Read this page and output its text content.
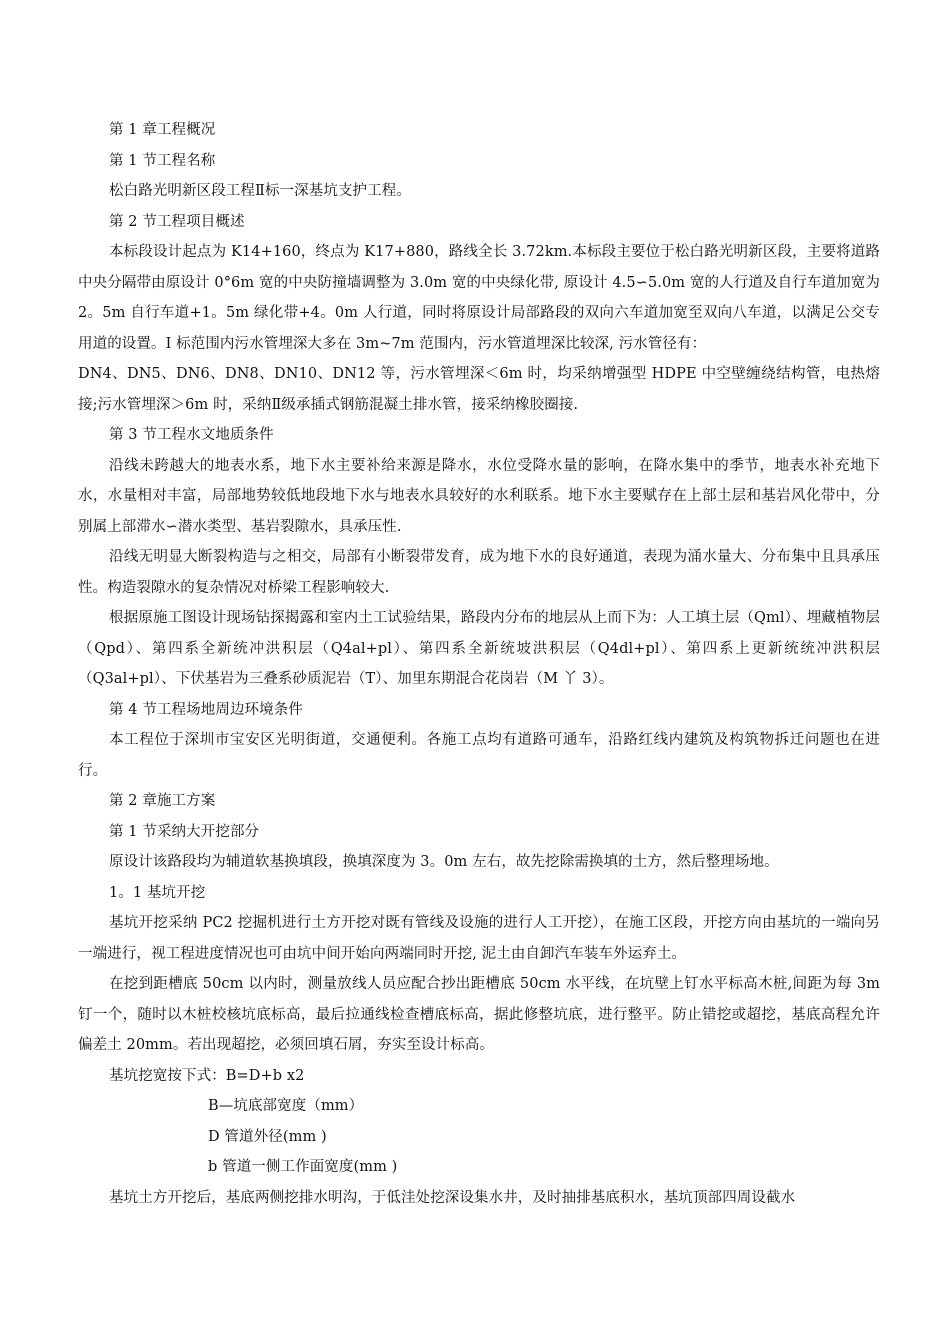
第 1 章工程概况

第 1 节工程名称

松白路光明新区段工程Ⅱ标一深基坑支护工程。

第 2 节工程项目概述

本标段设计起点为 K14+160，终点为 K17+880，路线全长 3.72km.本标段主要位于松白路光明新区段，主要将道路中央分隔带由原设计 0°6m 宽的中央防撞墙调整为 3.0m 宽的中央绿化带, 原设计 4.5∽5.0m 宽的人行道及自行车道加宽为 2。5m 自行车道+1。5m 绿化带+4。0m 人行道，同时将原设计局部路段的双向六车道加宽至双向八车道，以满足公交专用道的设置。I 标范围内污水管埋深大多在 3m~7m 范围内，污水管道埋深比较深, 污水管径有：

DN4、DN5、DN6、DN8、DN10、DN12 等，污水管埋深＜6m 时，均采纳增强型 HDPE 中空壁缠绕结构管，电热熔接;污水管埋深＞6m 时，采纳Ⅱ级承插式钢筋混凝土排水管，接采纳橡胶圈接.

第 3 节工程水文地质条件

沿线未跨越大的地表水系，地下水主要补给来源是降水，水位受降水量的影响，在降水集中的季节，地表水补充地下水，水量相对丰富，局部地势较低地段地下水与地表水具较好的水利联系。地下水主要赋存在上部土层和基岩风化带中，分别属上部滞水∽潜水类型、基岩裂隙水，具承压性.

沿线无明显大断裂构造与之相交，局部有小断裂带发育，成为地下水的良好通道，表现为涌水量大、分布集中且具承压性。构造裂隙水的复杂情况对桥梁工程影响较大.

根据原施工图设计现场钻探揭露和室内土工试验结果，路段内分布的地层从上而下为：人工填土层（Qml）、埋藏植物层（Qpd）、第四系全新统冲洪积层（Q4al+pl）、第四系全新统坡洪积层（Q4dl+pl）、第四系上更新统统冲洪积层（Q3al+pl）、下伏基岩为三叠系砂质泥岩（T）、加里东期混合花岗岩（M 丫 3）。

第 4 节工程场地周边环境条件

本工程位于深圳市宝安区光明街道，交通便利。各施工点均有道路可通车，沿路红线内建筑及构筑物拆迁问题也在进行。

第 2 章施工方案

第 1 节采纳大开挖部分

原设计该路段均为辅道软基换填段，换填深度为 3。0m 左右，故先挖除需换填的土方，然后整理场地。

1。1 基坑开挖

基坑开挖采纳 PC2 挖掘机进行土方开挖对既有管线及设施的进行人工开挖），在施工区段，开挖方向由基坑的一端向另一端进行，视工程进度情况也可由坑中间开始向两端同时开挖, 泥土由自卸汽车装车外运弃土。

在挖到距槽底 50cm 以内时，测量放线人员应配合抄出距槽底 50cm 水平线，在坑壁上钉水平标高木桩,间距为每 3m 钉一个，随时以木桩校核坑底标高，最后拉通线检查槽底标高，据此修整坑底，进行整平。防止错挖或超挖，基底高程允许偏差土 20mm。若出现超挖，必须回填石屑，夯实至设计标高。

基坑挖宽按下式：B=D+b x2

B—坑底部宽度（mm）

D 管道外径(mm )

b 管道一侧工作面宽度(mm )

基坑土方开挖后，基底两侧挖排水明沟，于低洼处挖深设集水井，及时抽排基底积水，基坑顶部四周设截水
